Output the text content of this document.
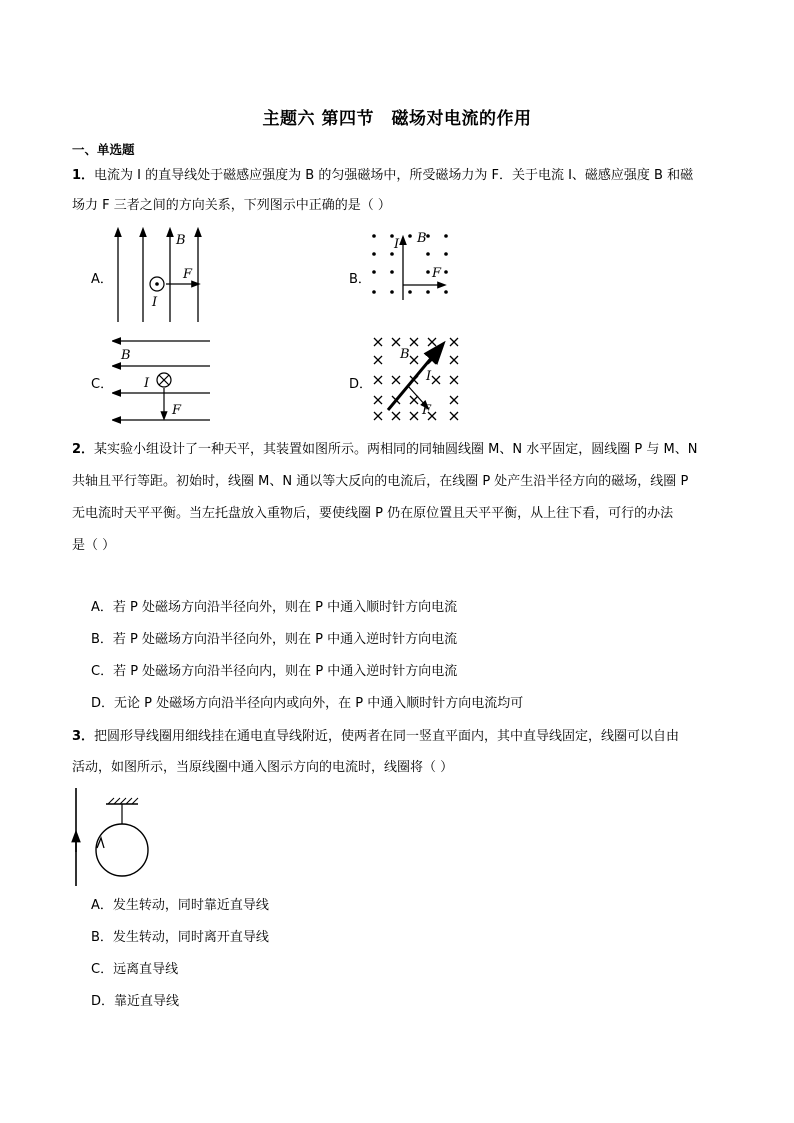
主题六 第四节　磁场对电流的作用
一、单选题
1．电流为 I 的直导线处于磁感应强度为 B 的匀强磁场中，所受磁场力为 F．关于电流 I、磁感应强度 B 和磁
场力 F 三者之间的方向关系，下列图示中正确的是（ ）
A．	B．
C．	D．
B
F
I
I B
F
B
I
F
B
I
F
2．某实验小组设计了一种天平，其装置如图所示。两相同的同轴圆线圈 M、N 水平固定，圆线圈 P 与 M、N
共轴且平行等距。初始时，线圈 M、N 通以等大反向的电流后，在线圈 P 处产生沿半径方向的磁场，线圈 P
无电流时天平平衡。当左托盘放入重物后，要使线圈 P 仍在原位置且天平平衡，从上往下看，可行的办法
是（ ）
A．若 P 处磁场方向沿半径向外，则在 P 中通入顺时针方向电流
B．若 P 处磁场方向沿半径向外，则在 P 中通入逆时针方向电流
C．若 P 处磁场方向沿半径向内，则在 P 中通入逆时针方向电流
D．无论 P 处磁场方向沿半径向内或向外，在 P 中通入顺时针方向电流均可
3．把圆形导线圈用细线挂在通电直导线附近，使两者在同一竖直平面内，其中直导线固定，线圈可以自由
活动，如图所示，当原线圈中通入图示方向的电流时，线圈将（ ）
A．发生转动，同时靠近直导线
B．发生转动，同时离开直导线
C．远离直导线
D．靠近直导线
